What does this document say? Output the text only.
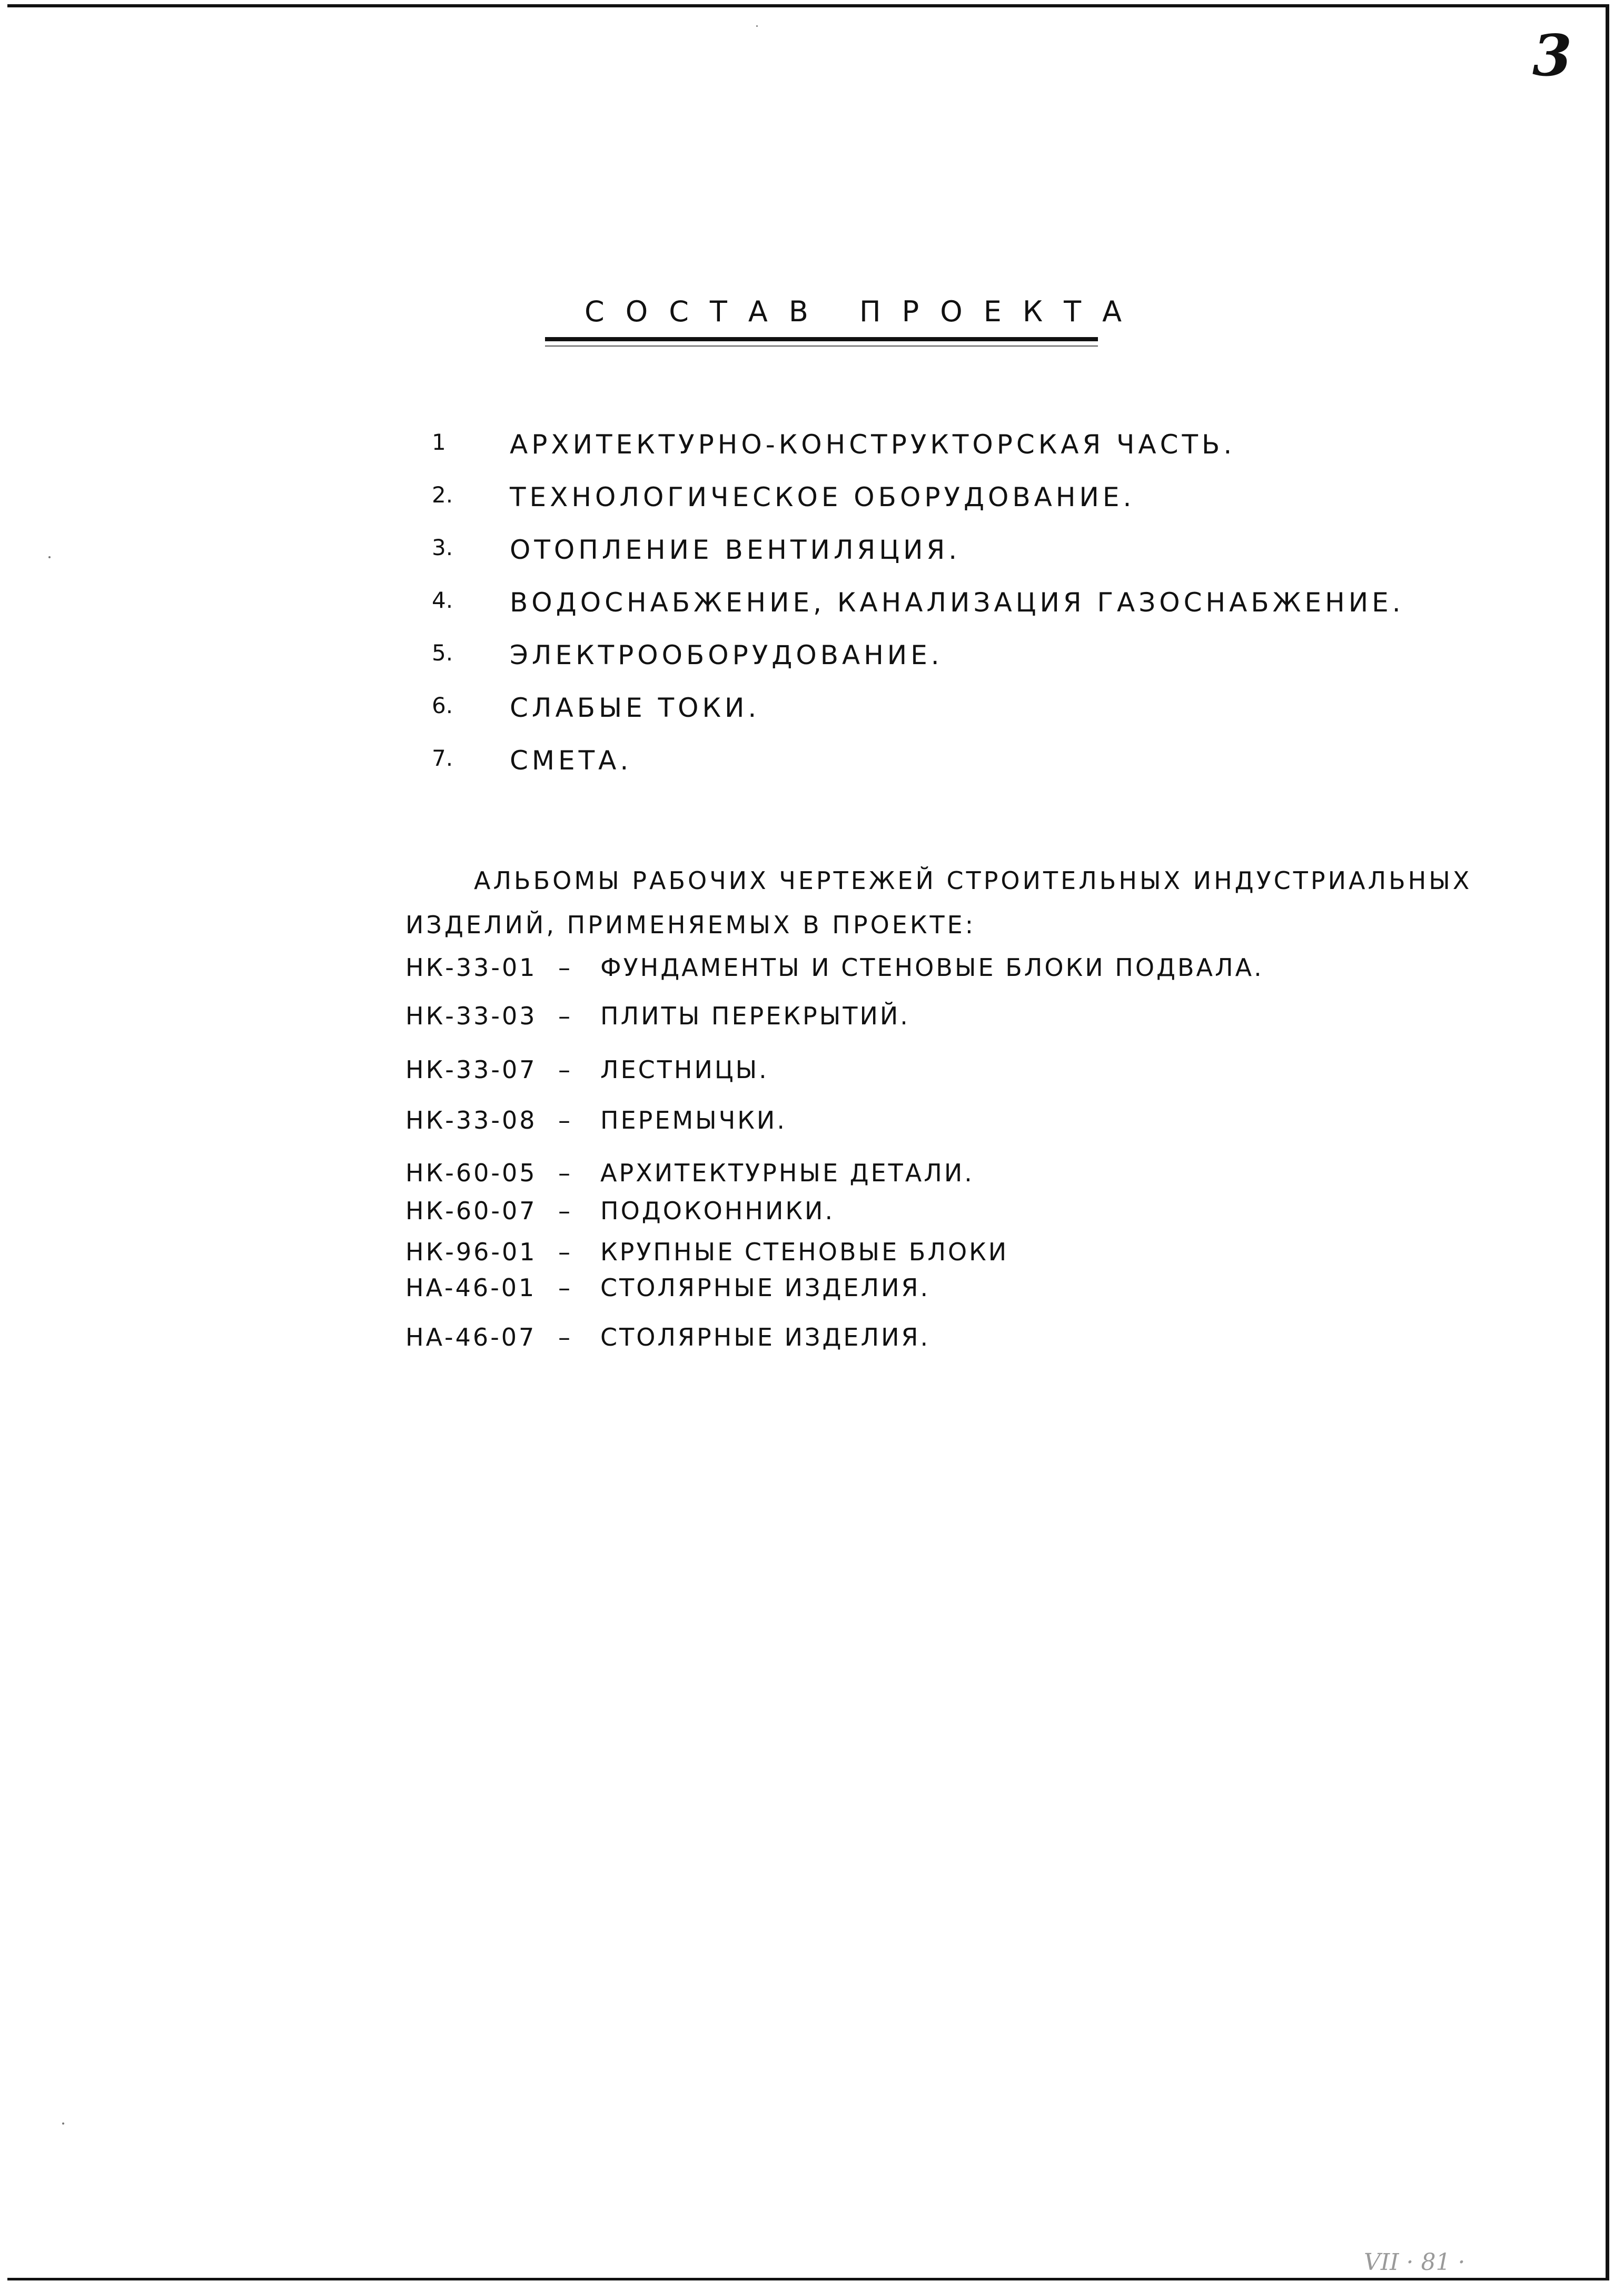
3
СОСТАВ ПРОЕКТА
1	АРХИТЕКТУРНО-КОНСТРУКТОРСКАЯ ЧАСТЬ.
2.	ТЕХНОЛОГИЧЕСКОЕ ОБОРУДОВАНИЕ.
3.	ОТОПЛЕНИЕ ВЕНТИЛЯЦИЯ.
4.	ВОДОСНАБЖЕНИЕ, КАНАЛИЗАЦИЯ ГАЗОСНАБЖЕНИЕ.
5.	ЭЛЕКТРООБОРУДОВАНИЕ.
6.	СЛАБЫЕ ТОКИ.
7.	СМЕТА.
АЛЬБОМЫ РАБОЧИХ ЧЕРТЕЖЕЙ СТРОИТЕЛЬНЫХ ИНДУСТРИАЛЬНЫХ
ИЗДЕЛИЙ, ПРИМЕНЯЕМЫХ В ПРОЕКТЕ:
НК-33-01 – ФУНДАМЕНТЫ И СТЕНОВЫЕ БЛОКИ ПОДВАЛА.
НК-33-03 – ПЛИТЫ ПЕРЕКРЫТИЙ.
НК-33-07 – ЛЕСТНИЦЫ.
НК-33-08 – ПЕРЕМЫЧКИ.
НК-60-05 – АРХИТЕКТУРНЫЕ ДЕТАЛИ.
НК-60-07 – ПОДОКОННИКИ.
НК-96-01 – КРУПНЫЕ СТЕНОВЫЕ БЛОКИ
НА-46-01 – СТОЛЯРНЫЕ ИЗДЕЛИЯ.
НА-46-07 – СТОЛЯРНЫЕ ИЗДЕЛИЯ.
VII · 81 ·
